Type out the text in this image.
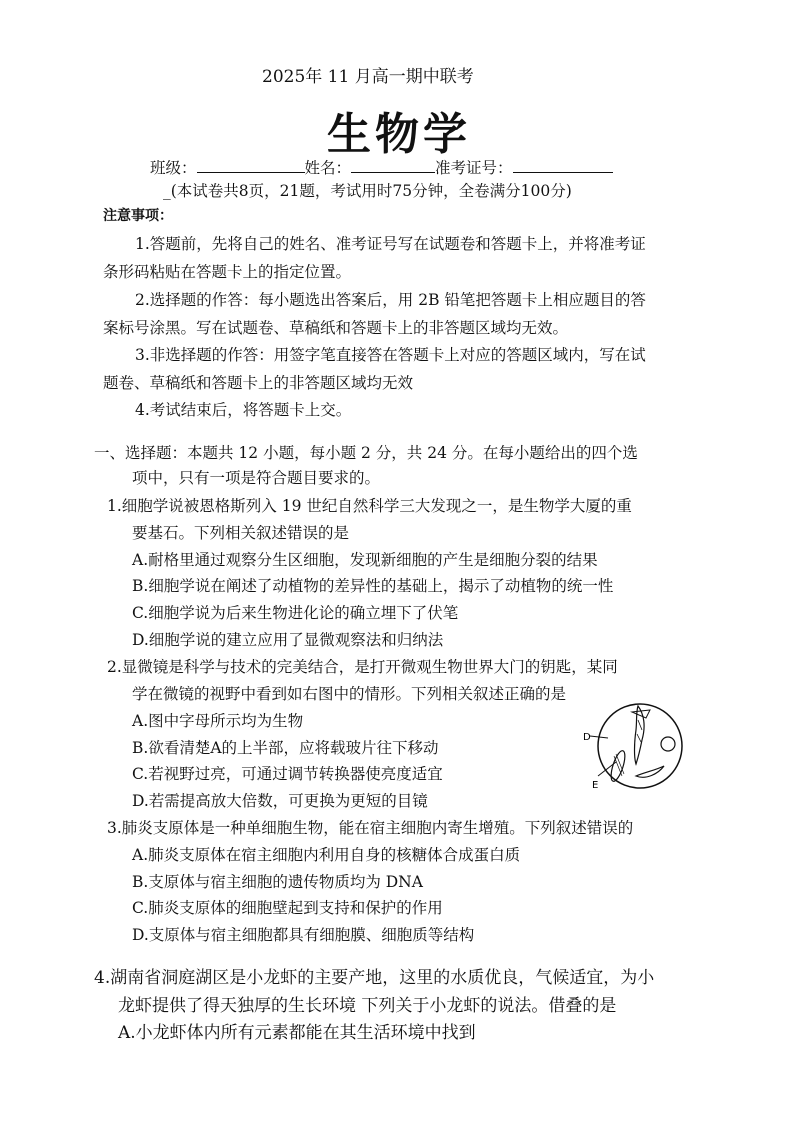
2025年 11 月高一期中联考
生物学
班级：	姓名：	准考证号：
_(本试卷共8页，21题，考试用时75分钟，全卷满分100分)
注意事项：
1.答题前，先将自己的姓名、准考证号写在试题卷和答题卡上，并将准考证
条形码粘贴在答题卡上的指定位置。
2.选择题的作答：每小题选出答案后，用 2B 铅笔把答题卡上相应题目的答
案标号涂黑。写在试题卷、草稿纸和答题卡上的非答题区域均无效。
3.非选择题的作答：用签字笔直接答在答题卡上对应的答题区域内，写在试
题卷、草稿纸和答题卡上的非答题区域均无效
4.考试结束后，将答题卡上交。
一、选择题：本题共 12 小题，每小题 2 分，共 24 分。在每小题给出的四个选
项中，只有一项是符合题目要求的。
1.细胞学说被恩格斯列入 19 世纪自然科学三大发现之一，是生物学大厦的重
要基石。下列相关叙述错误的是
A.耐格里通过观察分生区细胞，发现新细胞的产生是细胞分裂的结果
B.细胞学说在阐述了动植物的差异性的基础上，揭示了动植物的统一性
C.细胞学说为后来生物进化论的确立埋下了伏笔
D.细胞学说的建立应用了显微观察法和归纳法
2.显微镜是科学与技术的完美结合，是打开微观生物世界大门的钥匙，某同
学在微镜的视野中看到如右图中的情形。下列相关叙述正确的是
A.图中字母所示均为生物
B.欲看清楚A的上半部，应将载玻片往下移动
C.若视野过亮，可通过调节转换器使亮度适宜
D.若需提高放大倍数，可更换为更短的目镜
D
E
3.肺炎支原体是一种单细胞生物，能在宿主细胞内寄生增殖。下列叙述错误的
A.肺炎支原体在宿主细胞内利用自身的核糖体合成蛋白质
B.支原体与宿主细胞的遗传物质均为 DNA
C.肺炎支原体的细胞壁起到支持和保护的作用
D.支原体与宿主细胞都具有细胞膜、细胞质等结构
4.湖南省洞庭湖区是小龙虾的主要产地，这里的水质优良，气候适宜，为小
龙虾提供了得天独厚的生长环境 下列关于小龙虾的说法。借叠的是
A.小龙虾体内所有元素都能在其生活环境中找到
